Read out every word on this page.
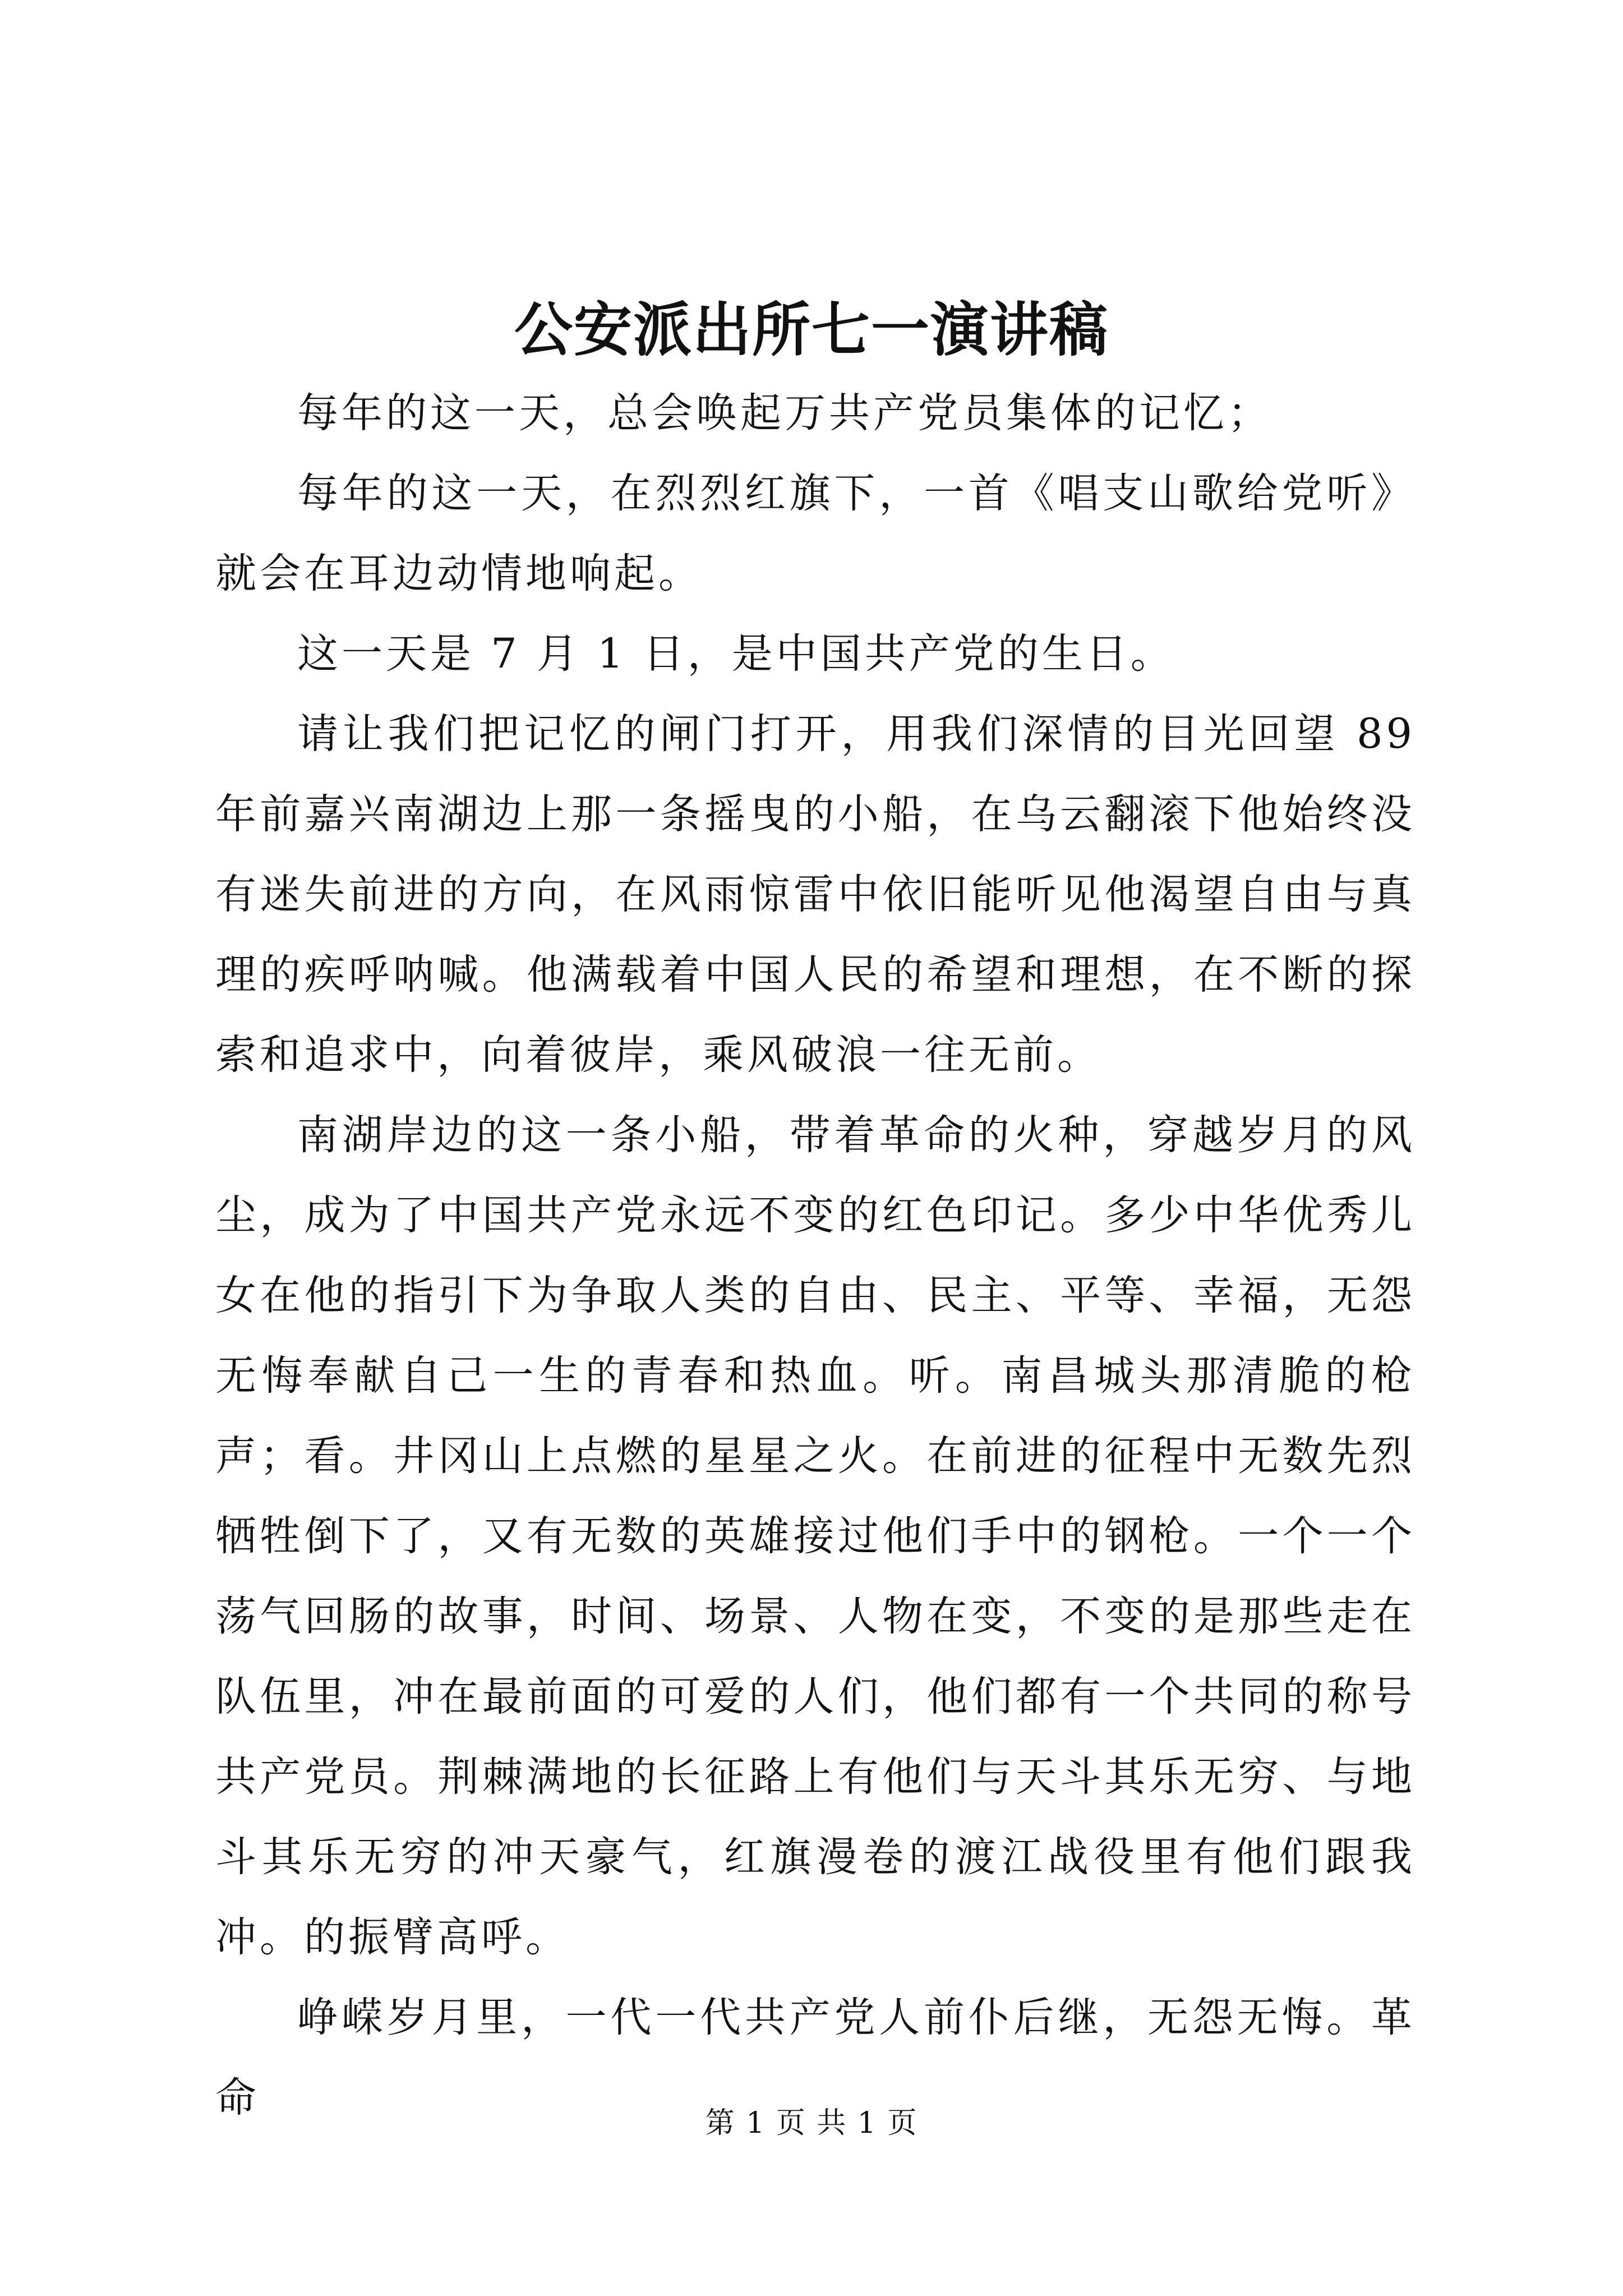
公安派出所七一演讲稿

每年的这一天，总会唤起万共产党员集体的记忆；

每年的这一天，在烈烈红旗下，一首《唱支山歌给党听》就会在耳边动情地响起。

这一天是 7 月 1 日，是中国共产党的生日。

请让我们把记忆的闸门打开，用我们深情的目光回望 89 年前嘉兴南湖边上那一条摇曳的小船，在乌云翻滚下他始终没有迷失前进的方向，在风雨惊雷中依旧能听见他渴望自由与真理的疾呼呐喊。他满载着中国人民的希望和理想，在不断的探索和追求中，向着彼岸，乘风破浪一往无前。

南湖岸边的这一条小船，带着革命的火种，穿越岁月的风尘，成为了中国共产党永远不变的红色印记。多少中华优秀儿女在他的指引下为争取人类的自由、民主、平等、幸福，无怨无悔奉献自己一生的青春和热血。听。南昌城头那清脆的枪声；看。井冈山上点燃的星星之火。在前进的征程中无数先烈牺牲倒下了，又有无数的英雄接过他们手中的钢枪。一个一个荡气回肠的故事，时间、场景、人物在变，不变的是那些走在队伍里，冲在最前面的可爱的人们，他们都有一个共同的称号共产党员。荆棘满地的长征路上有他们与天斗其乐无穷、与地斗其乐无穷的冲天豪气，红旗漫卷的渡江战役里有他们跟我冲。的振臂高呼。

峥嵘岁月里，一代一代共产党人前仆后继，无怨无悔。革命

第 1 页 共 1 页
